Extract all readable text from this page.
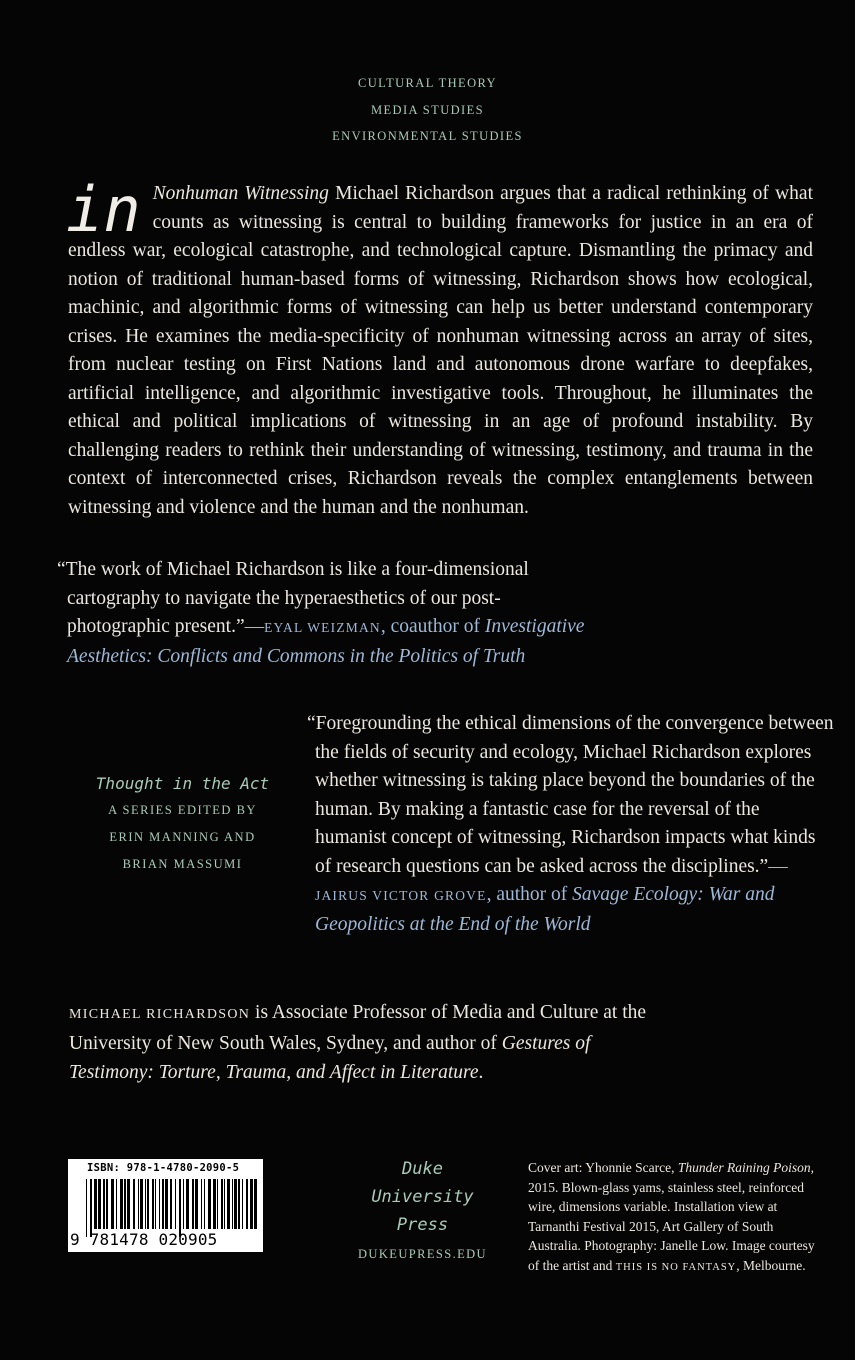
CULTURAL THEORY
MEDIA STUDIES
ENVIRONMENTAL STUDIES
in Nonhuman Witnessing Michael Richardson argues that a radical rethinking of what counts as witnessing is central to building frameworks for justice in an era of endless war, ecological catastrophe, and technological capture. Dismantling the primacy and notion of traditional human-based forms of witnessing, Richardson shows how ecological, machinic, and algorithmic forms of witnessing can help us better understand contemporary crises. He examines the media-specificity of nonhuman witnessing across an array of sites, from nuclear testing on First Nations land and autonomous drone warfare to deepfakes, artificial intelligence, and algorithmic investigative tools. Throughout, he illuminates the ethical and political implications of witnessing in an age of profound instability. By challenging readers to rethink their understanding of witnessing, testimony, and trauma in the context of interconnected crises, Richardson reveals the complex entanglements between witnessing and violence and the human and the nonhuman.
“The work of Michael Richardson is like a four-dimensional cartography to navigate the hyperaesthetics of our post-photographic present.”—EYAL WEIZMAN, coauthor of Investigative Aesthetics: Conflicts and Commons in the Politics of Truth
Thought in the Act
A SERIES EDITED BY
ERIN MANNING AND
BRIAN MASSUMI
“Foregrounding the ethical dimensions of the convergence between the fields of security and ecology, Michael Richardson explores whether witnessing is taking place beyond the boundaries of the human. By making a fantastic case for the reversal of the humanist concept of witnessing, Richardson impacts what kinds of research questions can be asked across the disciplines.”—JAIRUS VICTOR GROVE, author of Savage Ecology: War and Geopolitics at the End of the World
MICHAEL RICHARDSON is Associate Professor of Media and Culture at the University of New South Wales, Sydney, and author of Gestures of Testimony: Torture, Trauma, and Affect in Literature.
ISBN: 978-1-4780-2090-5
9 781478 020905
Duke
University
Press
DUKEUPRESS.EDU
Cover art: Yhonnie Scarce, Thunder Raining Poison, 2015. Blown-glass yams, stainless steel, reinforced wire, dimensions variable. Installation view at Tarnanthi Festival 2015, Art Gallery of South Australia. Photography: Janelle Low. Image courtesy of the artist and THIS IS NO FANTASY, Melbourne.
